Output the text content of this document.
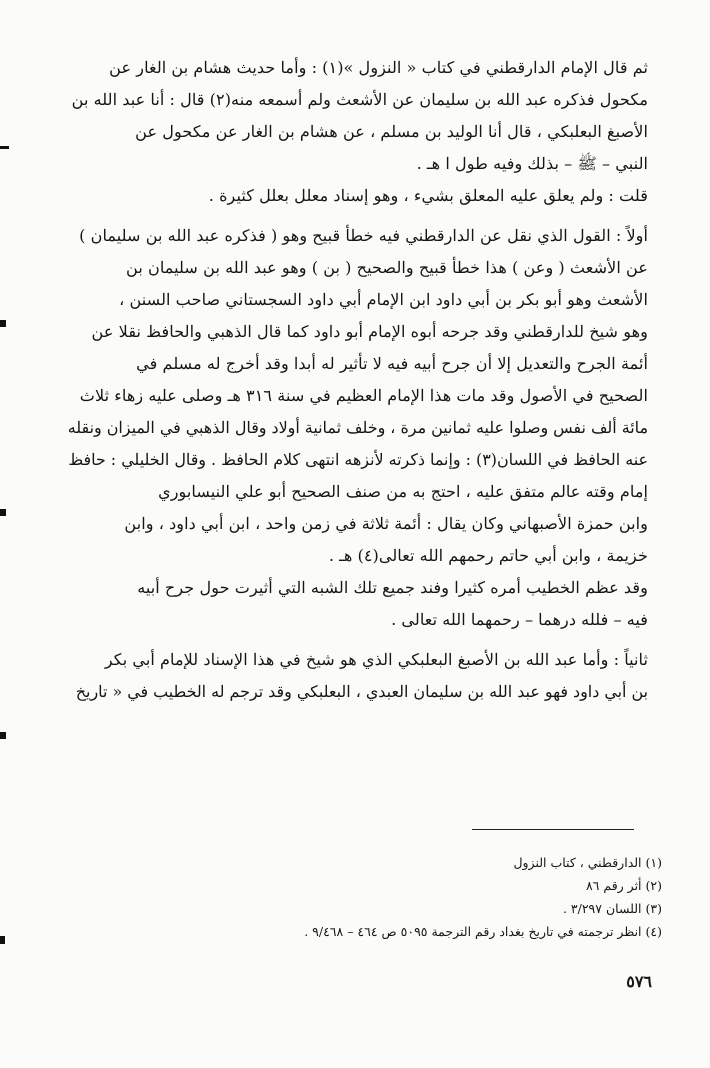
ثم قال الإمام الدارقطني في كتاب « النزول »(١) : وأما حديث هشام بن الغار عن
مكحول فذكره عبد الله بن سليمان عن الأشعث ولم أسمعه منه(٢) قال : أنا عبد الله بن
الأصبغ البعلبكي ، قال أنا الوليد بن مسلم ، عن هشام بن الغار عن مكحول عن
النبي – ﷺ – بذلك وفيه طول ا هـ .
قلت : ولم يعلق عليه المعلق بشيء ، وهو إسناد معلل بعلل كثيرة .
أولاً : القول الذي نقل عن الدارقطني فيه خطأ قبيح وهو ( فذكره عبد الله بن سليمان )
عن الأشعث ( وعن ) هذا خطأ قبيح والصحيح ( بن ) وهو عبد الله بن سليمان بن
الأشعث وهو أبو بكر بن أبي داود ابن الإمام أبي داود السجستاني صاحب السنن ،
وهو شيخ للدارقطني وقد جرحه أبوه الإمام أبو داود كما قال الذهبي والحافظ نقلا عن
أئمة الجرح والتعديل إلا أن جرح أبيه فيه لا تأثير له أبدا وقد أخرج له مسلم في
الصحيح في الأصول وقد مات هذا الإمام العظيم في سنة ٣١٦ هـ وصلى عليه زهاء ثلاث
مائة ألف نفس وصلوا عليه ثمانين مرة ، وخلف ثمانية أولاد وقال الذهبي في الميزان ونقله
عنه الحافظ في اللسان(٣) : وإنما ذكرته لأنزهه انتهى كلام الحافظ . وقال الخليلي : حافظ
إمام وقته عالم متفق عليه ، احتج به من صنف الصحيح أبو علي النيسابوري
وابن حمزة الأصبهاني وكان يقال : أئمة ثلاثة في زمن واحد ، ابن أبي داود ، وابن
خزيمة ، وابن أبي حاتم رحمهم الله تعالى(٤) هـ .
وقد عظم الخطيب أمره كثيرا وفند جميع تلك الشبه التي أثيرت حول جرح أبيه
فيه – فلله درهما – رحمهما الله تعالى .
ثانياً : وأما عبد الله بن الأصبغ البعلبكي الذي هو شيخ في هذا الإسناد للإمام أبي بكر
بن أبي داود فهو عبد الله بن سليمان العبدي ، البعلبكي وقد ترجم له الخطيب في « تاريخ
(١) الدارقطني ، كتاب النزول
(٢) أثر رقم ٨٦
(٣) اللسان ٣/٢٩٧ .
(٤) انظر ترجمته في تاريخ بغداد رقم الترجمة ٥٠٩٥ ص ٤٦٤ – ٩/٤٦٨ .
٥٧٦
